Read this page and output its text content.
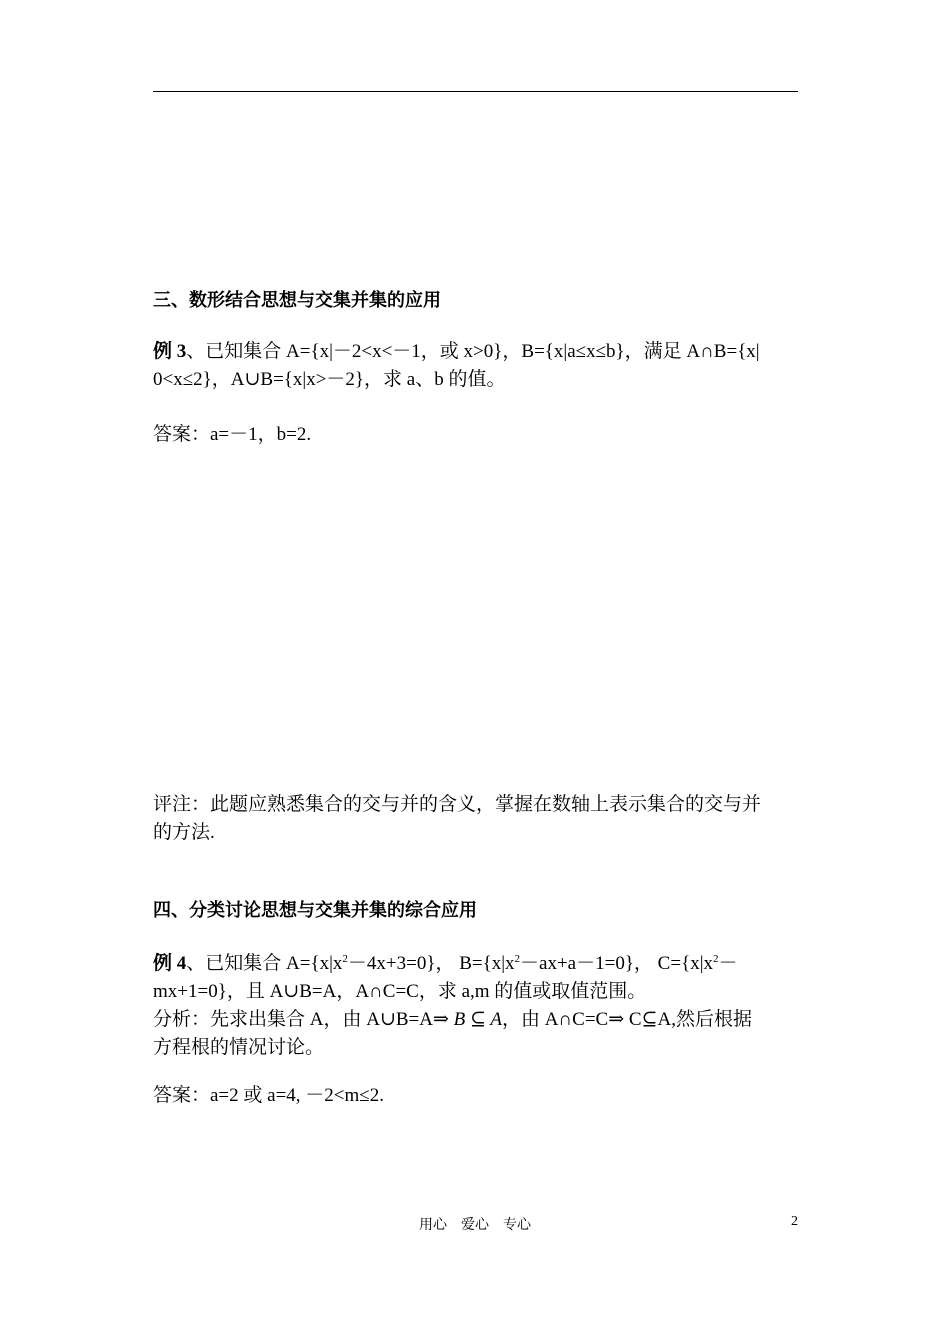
三、数形结合思想与交集并集的应用
例 3、已知集合 A={x|－2<x<－1，或 x>0}，B={x|a≤x≤b}，满足 A∩B={x|
0<x≤2}，A∪B={x|x>－2}，求 a、b 的值。
答案：a=－1，b=2.
评注：此题应熟悉集合的交与并的含义，掌握在数轴上表示集合的交与并
的方法.
四、分类讨论思想与交集并集的综合应用
例 4、已知集合 $A=\{x|x^2-4x+3=0\}$， $B=\{x|x^2-ax+a-1=0\}$， $C=\{x|x^2-$
mx+1=0}，且 A∪B=A，A∩C=C，求 a,m 的值或取值范围。
分析：先求出集合 A，由 A∪B=A⇒ B ⊆ A，由 A∩C=C⇒ C⊆A,然后根据
方程根的情况讨论。
答案：a=2 或 a=4, －2<m≤2.
用心　爱心　专心	2
